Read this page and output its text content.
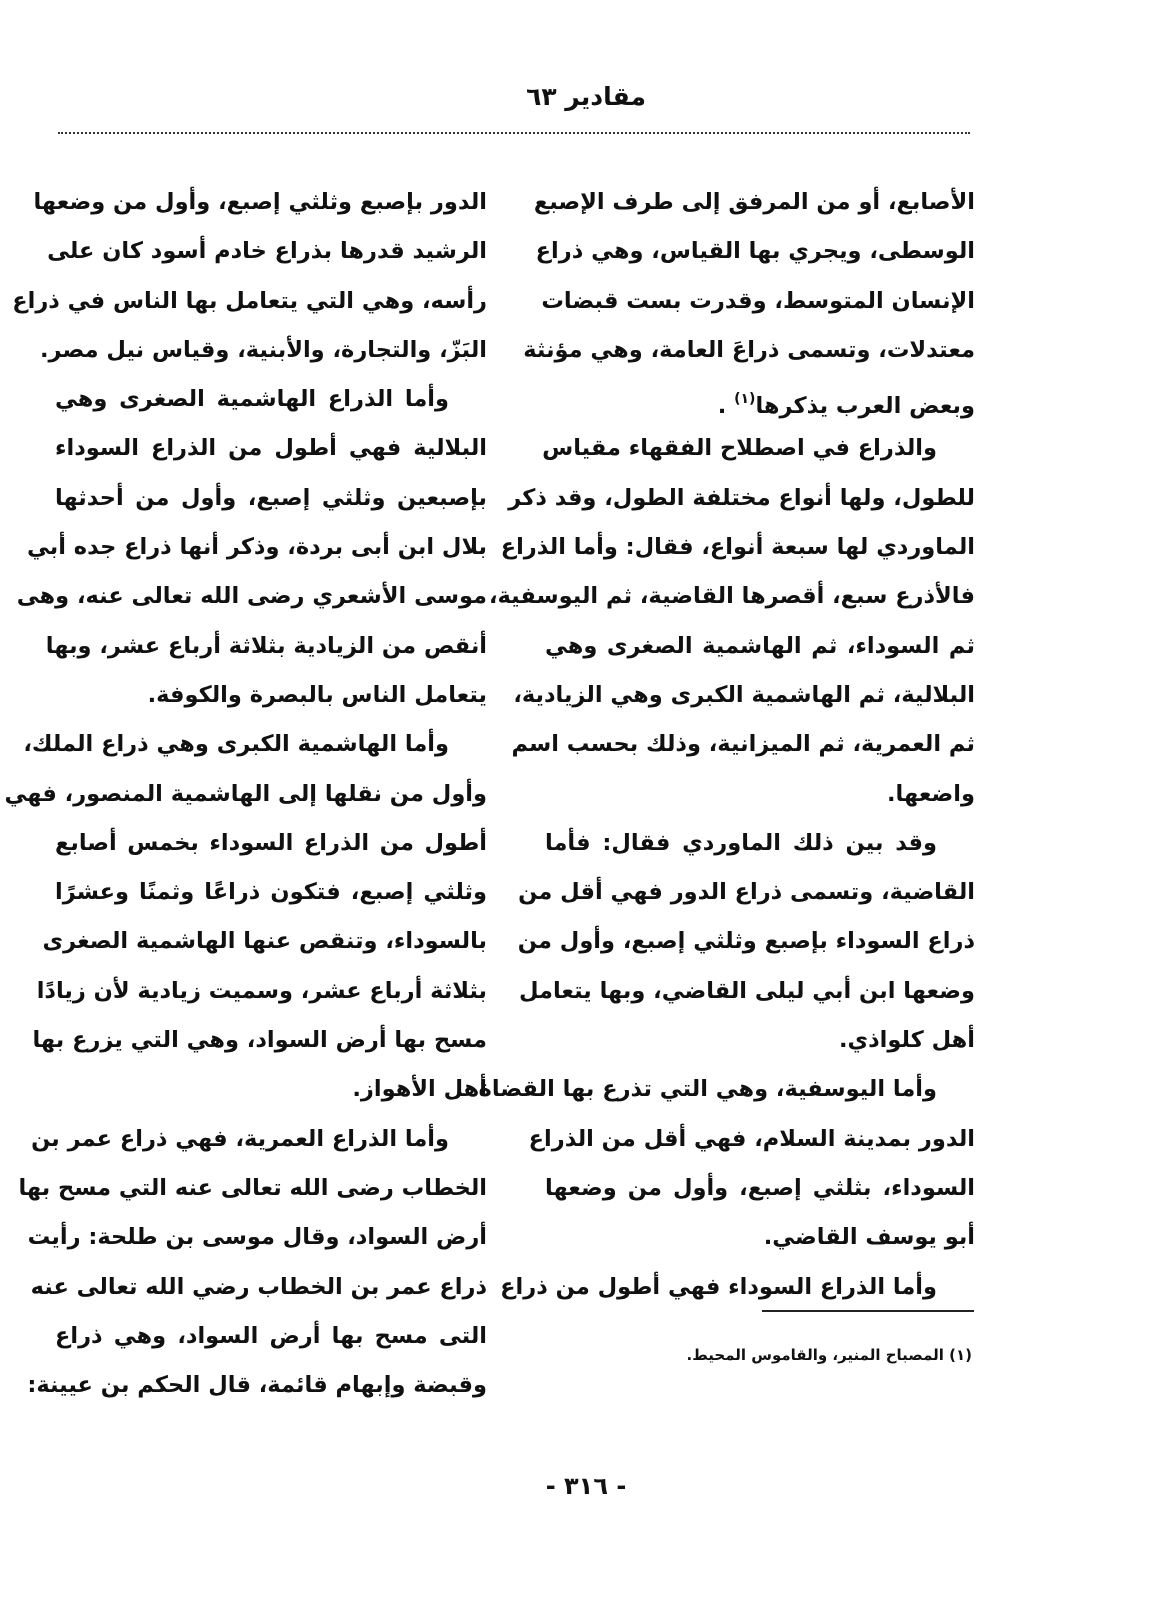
مقادير ٦٣
الأصابع، أو من المرفق إلى طرف الإصبع
الوسطى، ويجري بها القياس، وهي ذراع
الإنسان المتوسط، وقدرت بست قبضات
معتدلات، وتسمى ذراعَ العامة، وهي مؤنثة
وبعض العرب يذكرها$^{(١)}$ .
والذراع في اصطلاح الفقهاء مقياس
للطول، ولها أنواع مختلفة الطول، وقد ذكر
الماوردي لها سبعة أنواع، فقال: وأما الذراع
فالأذرع سبع، أقصرها القاضية، ثم اليوسفية،
ثم السوداء، ثم الهاشمية الصغرى وهي
البلالية، ثم الهاشمية الكبرى وهي الزيادية،
ثم العمرية، ثم الميزانية، وذلك بحسب اسم
واضعها.
وقد بين ذلك الماوردي فقال: فأما
القاضية، وتسمى ذراع الدور فهي أقل من
ذراع السوداء بإصبع وثلثي إصبع، وأول من
وضعها ابن أبي ليلى القاضي، وبها يتعامل
أهل كلواذي.
وأما اليوسفية، وهي التي تذرع بها القضاة
الدور بمدينة السلام، فهي أقل من الذراع
السوداء، بثلثي إصبع، وأول من وضعها
أبو يوسف القاضي.
وأما الذراع السوداء فهي أطول من ذراع
الدور بإصبع وثلثي إصبع، وأول من وضعها
الرشيد قدرها بذراع خادم أسود كان على
رأسه، وهي التي يتعامل بها الناس في ذراع
البَزّ، والتجارة، والأبنية، وقياس نيل مصر.
وأما الذراع الهاشمية الصغرى وهي
البلالية فهي أطول من الذراع السوداء
بإصبعين وثلثي إصبع، وأول من أحدثها
بلال ابن أبى بردة، وذكر أنها ذراع جده أبي
موسى الأشعري رضى الله تعالى عنه، وهى
أنقص من الزيادية بثلاثة أرباع عشر، وبها
يتعامل الناس بالبصرة والكوفة.
وأما الهاشمية الكبرى وهي ذراع الملك،
وأول من نقلها إلى الهاشمية المنصور، فهي
أطول من الذراع السوداء بخمس أصابع
وثلثي إصبع، فتكون ذراعًا وثمنًا وعشرًا
بالسوداء، وتنقص عنها الهاشمية الصغرى
بثلاثة أرباع عشر، وسميت زيادية لأن زيادًا
مسح بها أرض السواد، وهي التي يزرع بها
أهل الأهواز.
وأما الذراع العمرية، فهي ذراع عمر بن
الخطاب رضى الله تعالى عنه التي مسح بها
أرض السواد، وقال موسى بن طلحة: رأيت
ذراع عمر بن الخطاب رضي الله تعالى عنه
التى مسح بها أرض السواد، وهي ذراع
وقبضة وإبهام قائمة، قال الحكم بن عيينة:
(١) المصباح المنير، والقاموس المحيط.
- ٣١٦ -
